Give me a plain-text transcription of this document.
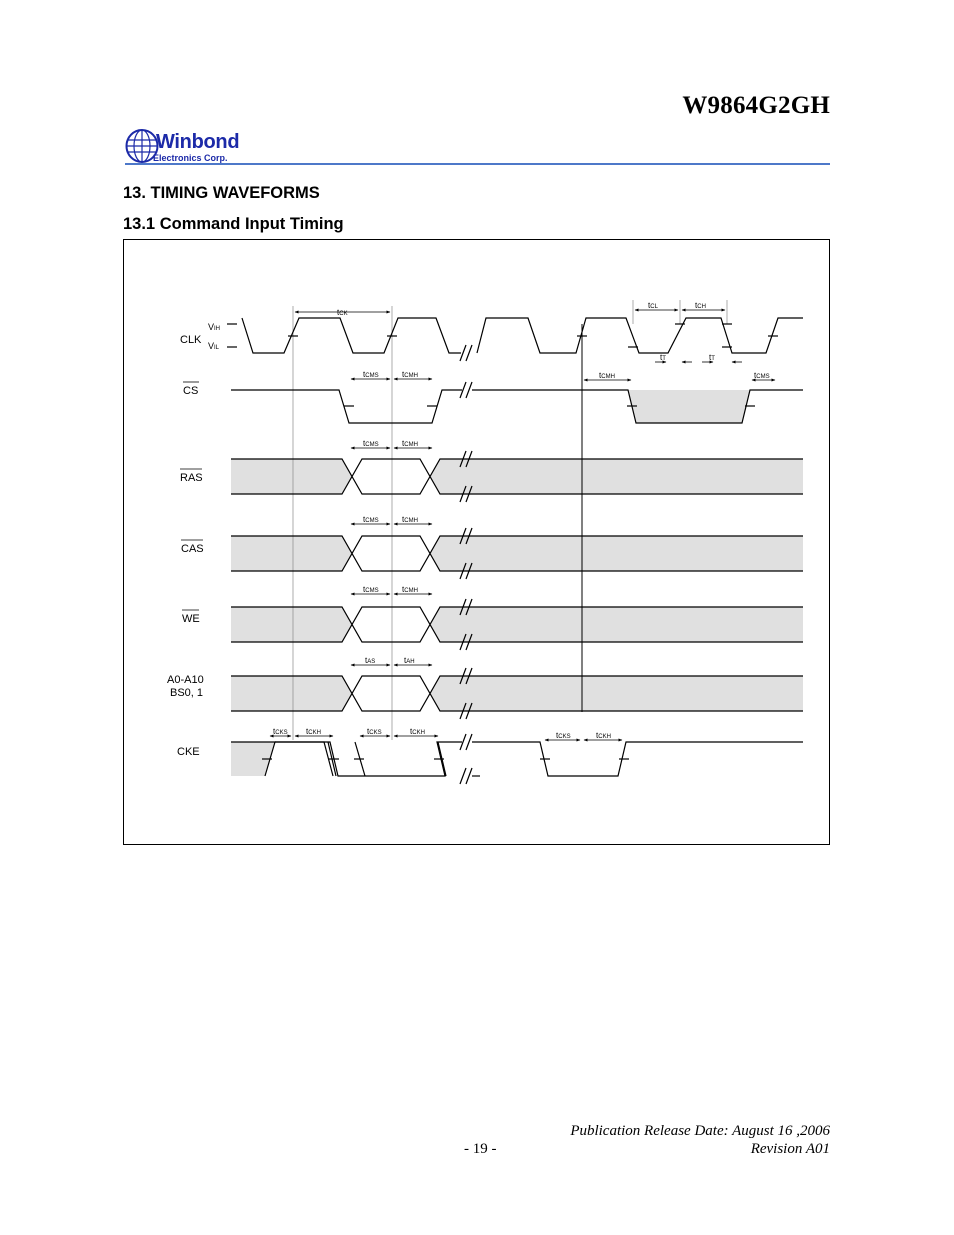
W9864G2GH
Winbond
Electronics Corp.
13. TIMING WAVEFORMS
13.1 Command Input Timing
CLK
VIH
VIL
CS
RAS
CAS
WE
A0-A10
BS0, 1
CKE
tCK
tCL	tCH
tT	tT
tCMS	tCMH	tCMH	tCMS
tCMS	tCMH
tCMS	tCMH
tCMS	tCMH
tAS	tAH
tCKS tCKH	tCKS	tCKH	tCKS	tCKH
Publication Release Date: August 16 ,2006
- 19 -	Revision A01
